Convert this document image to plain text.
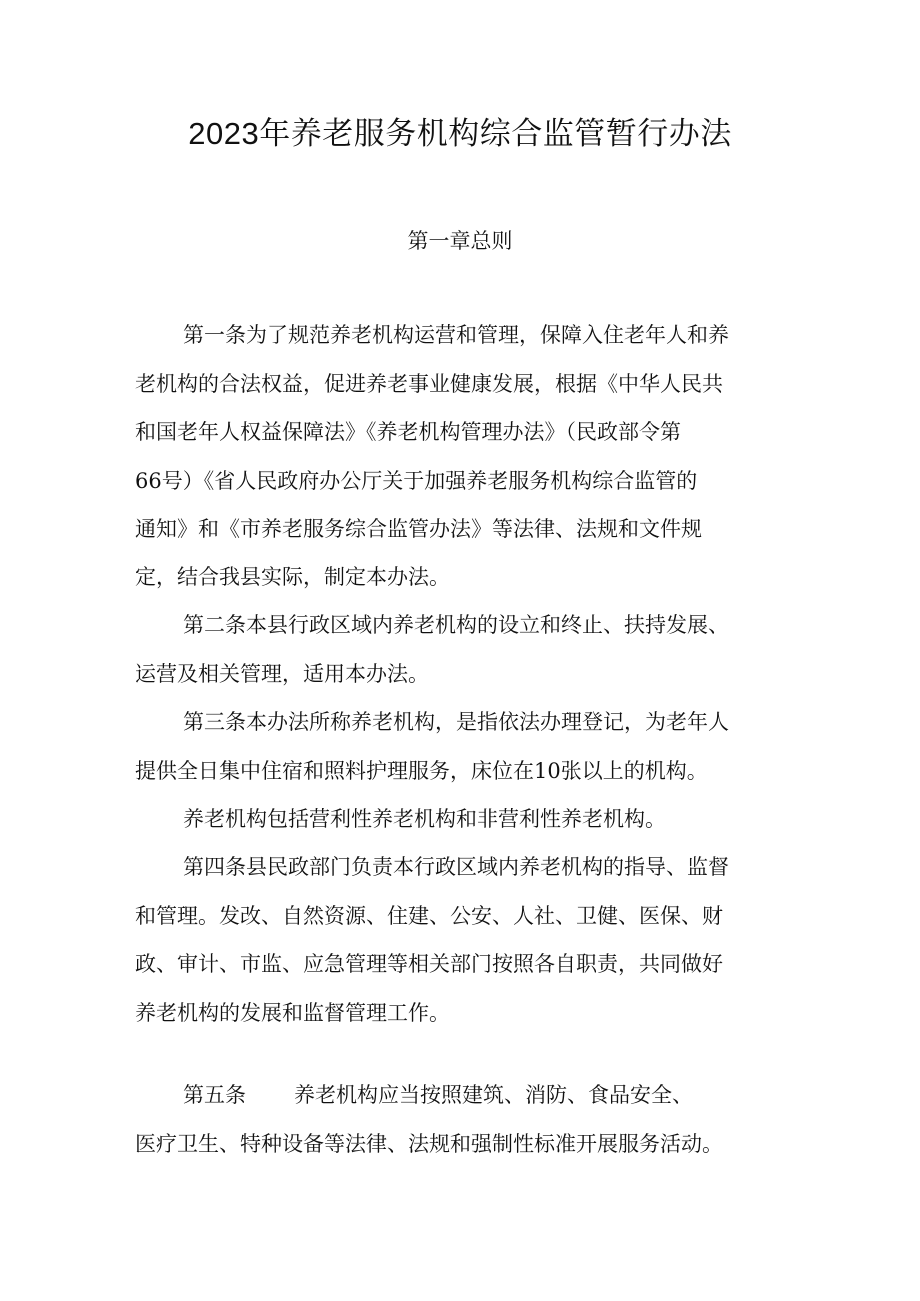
2023年养老服务机构综合监管暂行办法
第一章总则
第一条为了规范养老机构运营和管理，保障入住老年人和养
老机构的合法权益，促进养老事业健康发展，根据《中华人民共
和国老年人权益保障法》《养老机构管理办法》（民政部令第
66号）《省人民政府办公厅关于加强养老服务机构综合监管的
通知》和《市养老服务综合监管办法》等法律、法规和文件规
定，结合我县实际，制定本办法。
第二条本县行政区域内养老机构的设立和终止、扶持发展、
运营及相关管理，适用本办法。
第三条本办法所称养老机构，是指依法办理登记，为老年人
提供全日集中住宿和照料护理服务，床位在10张以上的机构。
养老机构包括营利性养老机构和非营利性养老机构。
第四条县民政部门负责本行政区域内养老机构的指导、监督
和管理。发改、自然资源、住建、公安、人社、卫健、医保、财
政、审计、市监、应急管理等相关部门按照各自职责，共同做好
养老机构的发展和监督管理工作。
第五条 养老机构应当按照建筑、消防、食品安全、
医疗卫生、特种设备等法律、法规和强制性标准开展服务活动。
